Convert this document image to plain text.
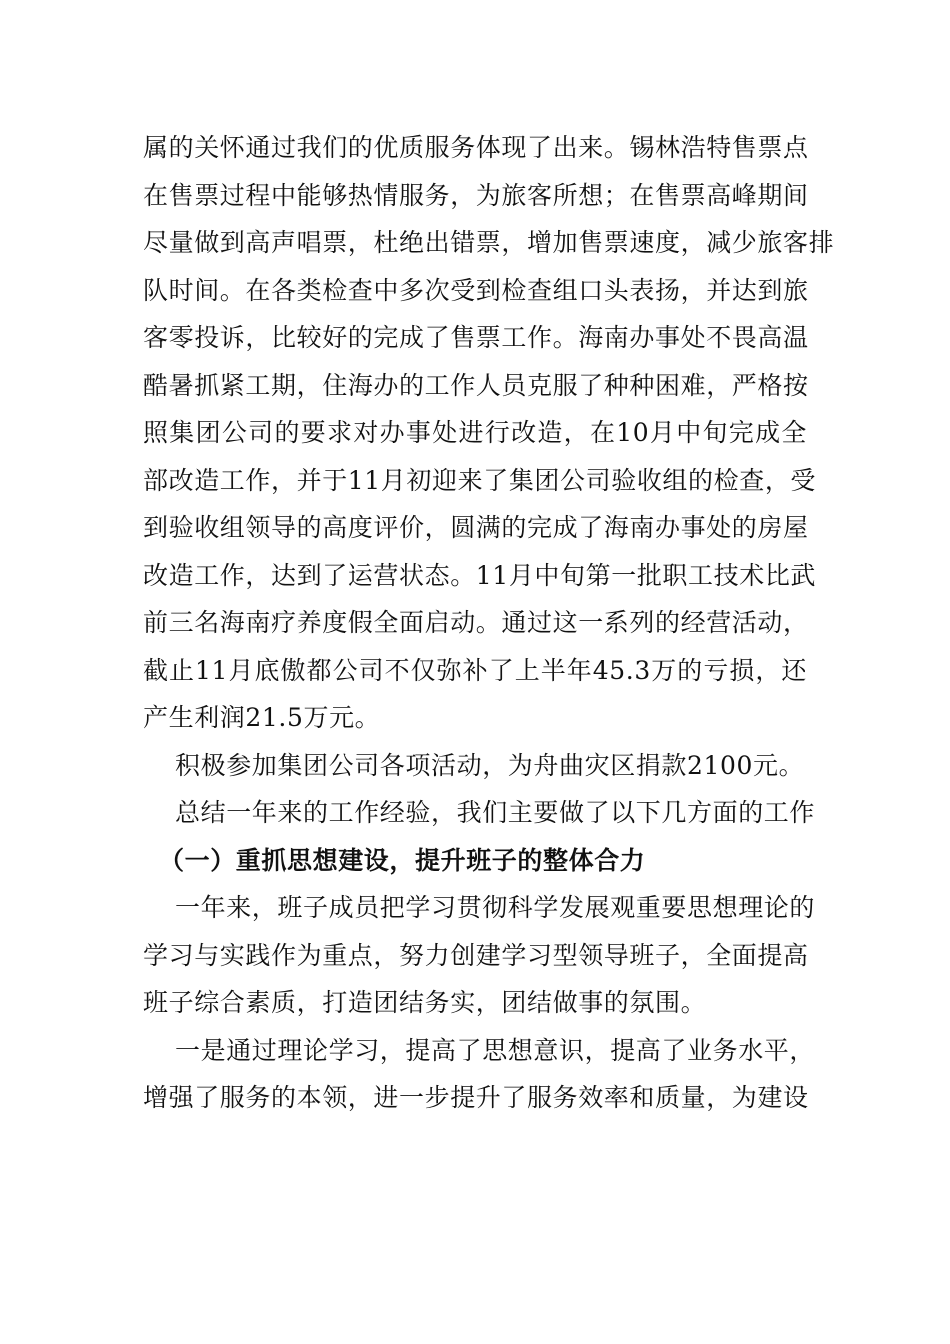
属的关怀通过我们的优质服务体现了出来。锡林浩特售票点
在售票过程中能够热情服务，为旅客所想；在售票高峰期间
尽量做到高声唱票，杜绝出错票，增加售票速度，减少旅客排
队时间。在各类检查中多次受到检查组口头表扬，并达到旅
客零投诉，比较好的完成了售票工作。海南办事处不畏高温
酷暑抓紧工期，住海办的工作人员克服了种种困难，严格按
照集团公司的要求对办事处进行改造，在10月中旬完成全
部改造工作，并于11月初迎来了集团公司验收组的检查，受
到验收组领导的高度评价，圆满的完成了海南办事处的房屋
改造工作，达到了运营状态。11月中旬第一批职工技术比武
前三名海南疗养度假全面启动。通过这一系列的经营活动，
截止11月底傲都公司不仅弥补了上半年45.3万的亏损，还
产生利润21.5万元。
积极参加集团公司各项活动，为舟曲灾区捐款2100元。
总结一年来的工作经验，我们主要做了以下几方面的工作
（一）重抓思想建设，提升班子的整体合力
一年来，班子成员把学习贯彻科学发展观重要思想理论的
学习与实践作为重点，努力创建学习型领导班子，全面提高
班子综合素质，打造团结务实，团结做事的氛围。
一是通过理论学习，提高了思想意识，提高了业务水平，
增强了服务的本领，进一步提升了服务效率和质量，为建设
